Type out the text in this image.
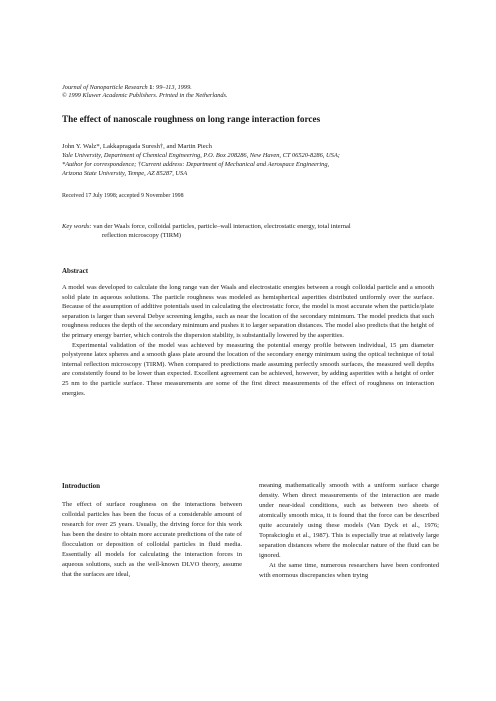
Journal of Nanoparticle Research 1: 99–113, 1999.
© 1999 Kluwer Academic Publishers. Printed in the Netherlands.
The effect of nanoscale roughness on long range interaction forces
John Y. Walz*, Lakkapragada Suresh†, and Martin Piech
Yale University, Department of Chemical Engineering, P.O. Box 208286, New Haven, CT 06520-8286, USA;
*Author for correspondence; †Current address: Department of Mechanical and Aerospace Engineering,
Arizona State University, Tempe, AZ 85287, USA
Received 17 July 1998; accepted 9 November 1998
Key words: van der Waals force, colloidal particles, particle–wall interaction, electrostatic energy, total internal
reflection microscopy (TIRM)
Abstract

A model was developed to calculate the long range van der Waals and electrostatic energies between a rough colloidal particle and a smooth solid plate in aqueous solutions. The particle roughness was modeled as hemispherical asperities distributed uniformly over the surface. Because of the assumption of additive potentials used in calculating the electrostatic force, the model is most accurate when the particle/plate separation is larger than several Debye screening lengths, such as near the location of the secondary minimum. The model predicts that such roughness reduces the depth of the secondary minimum and pushes it to larger separation distances. The model also predicts that the height of the primary energy barrier, which controls the dispersion stability, is substantially lowered by the asperities.

Experimental validation of the model was achieved by measuring the potential energy profile between individual, 15 µm diameter polystyrene latex spheres and a smooth glass plate around the location of the secondary energy minimum using the optical technique of total internal reflection microscopy (TIRM). When compared to predictions made assuming perfectly smooth surfaces, the measured well depths are consistently found to be lower than expected. Excellent agreement can be achieved, however, by adding asperities with a height of order 25 nm to the particle surface. These measurements are some of the first direct measurements of the effect of roughness on interaction energies.

Introduction

The effect of surface roughness on the interactions between colloidal particles has been the focus of a considerable amount of research for over 25 years. Usually, the driving force for this work has been the desire to obtain more accurate predictions of the rate of flocculation or deposition of colloidal particles in fluid media. Essentially all models for calculating the interaction forces in aqueous solutions, such as the well-known DLVO theory, assume that the surfaces are ideal,

meaning mathematically smooth with a uniform surface charge density. When direct measurements of the interaction are made under near-ideal conditions, such as between two sheets of atomically smooth mica, it is found that the force can be described quite accurately using these models (Van Dyck et al., 1976; Toprakcioglu et al., 1987). This is especially true at relatively large separation distances where the molecular nature of the fluid can be ignored.

At the same time, numerous researchers have been confronted with enormous discrepancies when trying
